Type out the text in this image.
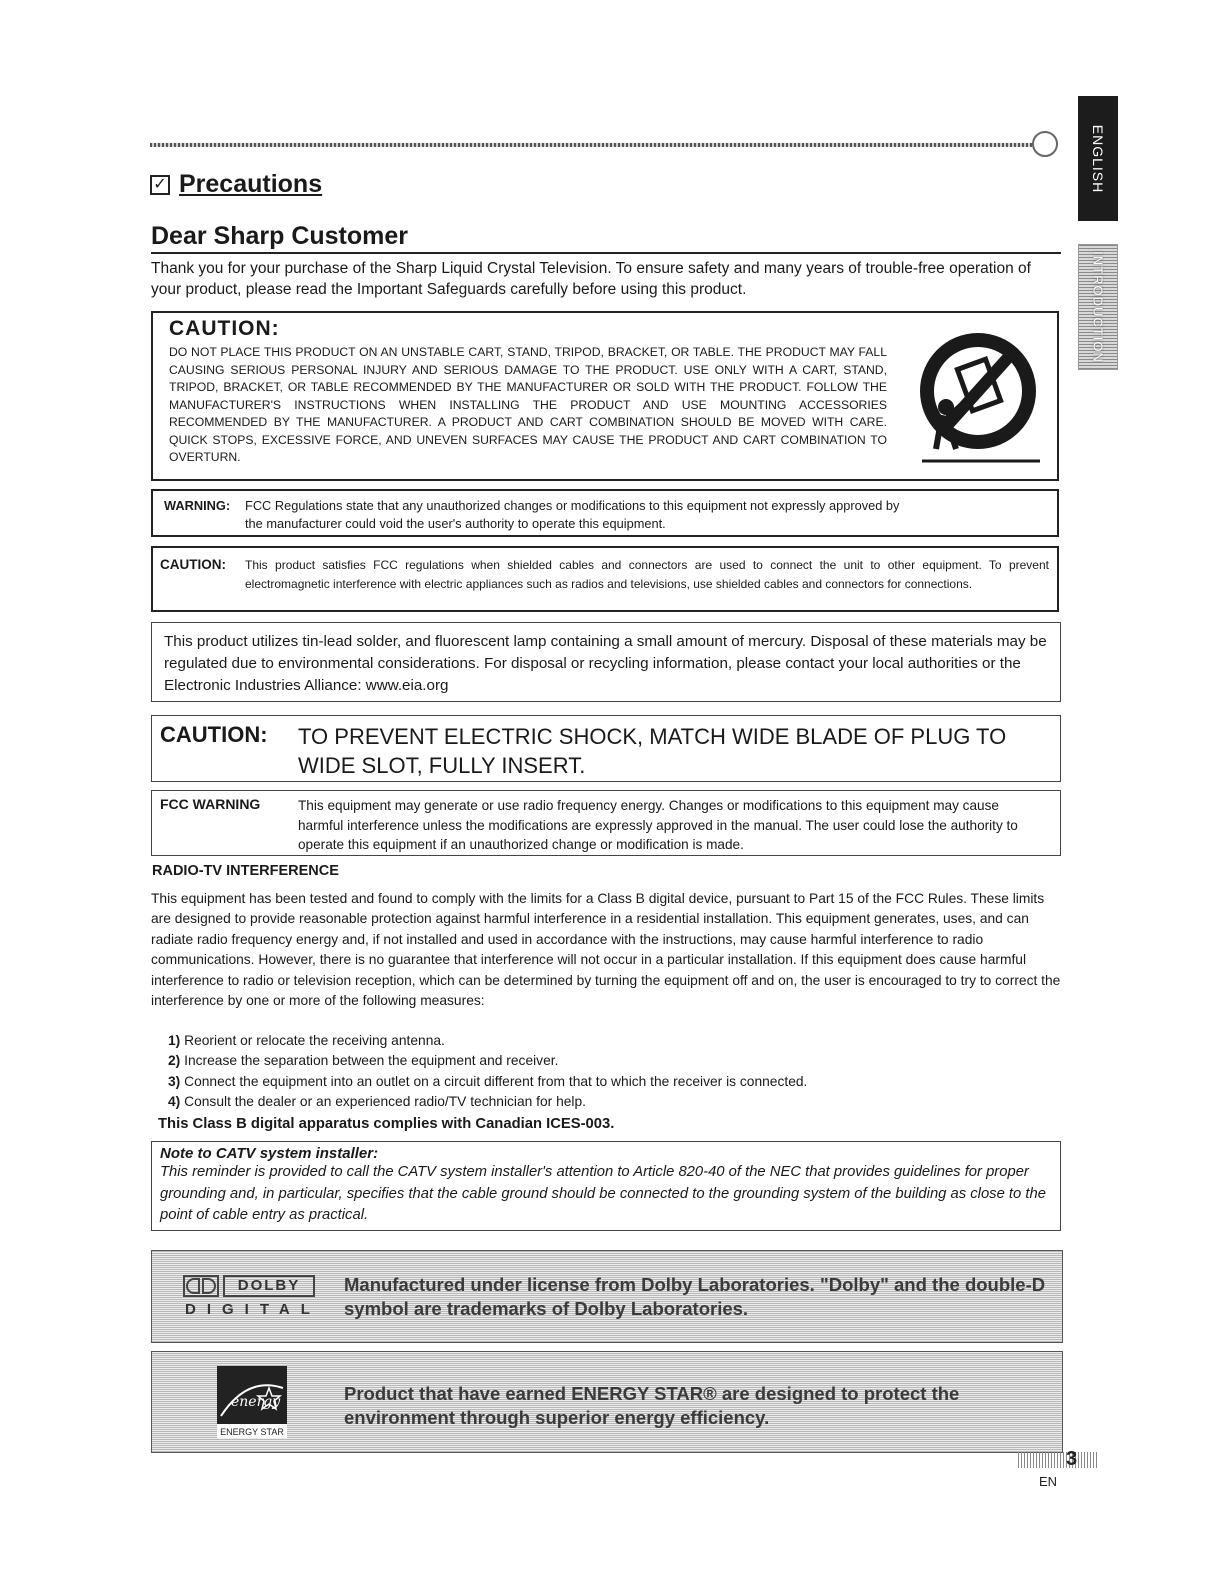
ENGLISH
INTRODUCTION
✓ Precautions
Dear Sharp Customer
Thank you for your purchase of the Sharp Liquid Crystal Television. To ensure safety and many years of trouble-free operation of your product, please read the Important Safeguards carefully before using this product.
CAUTION:
DO NOT PLACE THIS PRODUCT ON AN UNSTABLE CART, STAND, TRIPOD, BRACKET, OR TABLE. THE PRODUCT MAY FALL CAUSING SERIOUS PERSONAL INJURY AND SERIOUS DAMAGE TO THE PRODUCT. USE ONLY WITH A CART, STAND, TRIPOD, BRACKET, OR TABLE RECOMMENDED BY THE MANUFACTURER OR SOLD WITH THE PRODUCT. FOLLOW THE MANUFACTURER'S INSTRUCTIONS WHEN INSTALLING THE PRODUCT AND USE MOUNTING ACCESSORIES RECOMMENDED BY THE MANUFACTURER. A PRODUCT AND CART COMBINATION SHOULD BE MOVED WITH CARE. QUICK STOPS, EXCESSIVE FORCE, AND UNEVEN SURFACES MAY CAUSE THE PRODUCT AND CART COMBINATION TO OVERTURN.
WARNING: FCC Regulations state that any unauthorized changes or modifications to this equipment not expressly approved by
the manufacturer could void the user's authority to operate this equipment.
CAUTION: This product satisfies FCC regulations when shielded cables and connectors are used to connect the unit to other equipment. To prevent electromagnetic interference with electric appliances such as radios and televisions, use shielded cables and connectors for connections.
This product utilizes tin-lead solder, and fluorescent lamp containing a small amount of mercury. Disposal of these materials may be regulated due to environmental considerations. For disposal or recycling information, please contact your local authorities or the Electronic Industries Alliance: www.eia.org
CAUTION: TO PREVENT ELECTRIC SHOCK, MATCH WIDE BLADE OF PLUG TO WIDE SLOT, FULLY INSERT.
FCC WARNING	This equipment may generate or use radio frequency energy. Changes or modifications to this equipment may cause harmful interference unless the modifications are expressly approved in the manual. The user could lose the authority to operate this equipment if an unauthorized change or modification is made.
RADIO-TV INTERFERENCE
This equipment has been tested and found to comply with the limits for a Class B digital device, pursuant to Part 15 of the FCC Rules. These limits are designed to provide reasonable protection against harmful interference in a residential installation. This equipment generates, uses, and can radiate radio frequency energy and, if not installed and used in accordance with the instructions, may cause harmful interference to radio communications. However, there is no guarantee that interference will not occur in a particular installation. If this equipment does cause harmful interference to radio or television reception, which can be determined by turning the equipment off and on, the user is encouraged to try to correct the interference by one or more of the following measures:
1) Reorient or relocate the receiving antenna.
2) Increase the separation between the equipment and receiver.
3) Connect the equipment into an outlet on a circuit different from that to which the receiver is connected.
4) Consult the dealer or an experienced radio/TV technician for help.
This Class B digital apparatus complies with Canadian ICES-003.
Note to CATV system installer:
This reminder is provided to call the CATV system installer's attention to Article 820-40 of the NEC that provides guidelines for proper grounding and, in particular, specifies that the cable ground should be connected to the grounding system of the building as close to the point of cable entry as practical.
DOLBY
DIGITAL
Manufactured under license from Dolby Laboratories. "Dolby" and the double-D
symbol are trademarks of Dolby Laboratories.
energy
ENERGY STAR
Product that have earned ENERGY STAR® are designed to protect the
environment through superior energy efficiency.
3
EN
